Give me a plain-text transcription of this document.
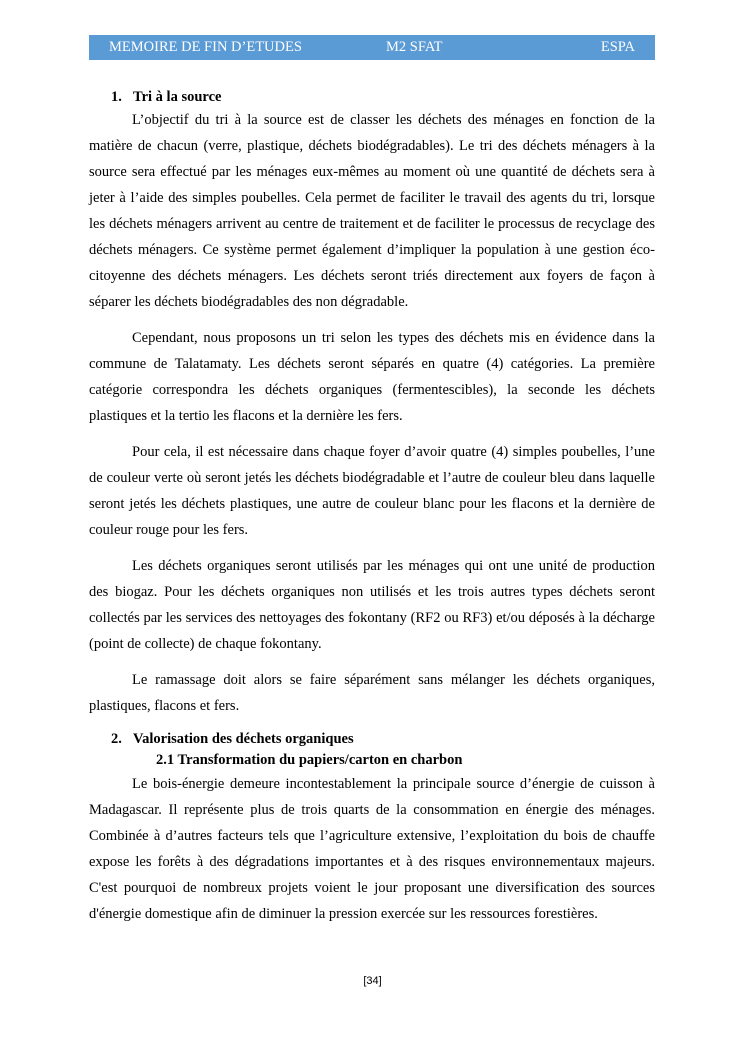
MEMOIRE DE FIN D’ETUDES	M2 SFAT	ESPA
1. Tri à la source

L’objectif du tri à la source est de classer les déchets des ménages en fonction de la matière de chacun (verre, plastique, déchets biodégradables). Le tri des déchets ménagers à la source sera effectué par les ménages eux-mêmes au moment où une quantité de déchets sera à jeter à l’aide des simples poubelles. Cela permet de faciliter le travail des agents du tri, lorsque les déchets ménagers arrivent au centre de traitement et de faciliter le processus de recyclage des déchets ménagers. Ce système permet également d’impliquer la population à une gestion éco-citoyenne des déchets ménagers. Les déchets seront triés directement aux foyers de façon à séparer les déchets biodégradables des non dégradable.

Cependant, nous proposons un tri selon les types des déchets mis en évidence dans la commune de Talatamaty. Les déchets seront séparés en quatre (4) catégories. La première catégorie correspondra les déchets organiques (fermentescibles), la seconde les déchets plastiques et la tertio les flacons et la dernière les fers.

Pour cela, il est nécessaire dans chaque foyer d’avoir quatre (4) simples poubelles, l’une de couleur verte où seront jetés les déchets biodégradable et l’autre de couleur bleu dans laquelle seront jetés les déchets plastiques, une autre de couleur blanc pour les flacons et la dernière de couleur rouge pour les fers.

Les déchets organiques seront utilisés par les ménages qui ont une unité de production des biogaz. Pour les déchets organiques non utilisés et les trois autres types déchets seront collectés par les services des nettoyages des fokontany (RF2 ou RF3) et/ou déposés à la décharge (point de collecte) de chaque fokontany.

Le ramassage doit alors se faire séparément sans mélanger les déchets organiques, plastiques, flacons et fers.

2. Valorisation des déchets organiques
2.1 Transformation du papiers/carton en charbon

Le bois-énergie demeure incontestablement la principale source d’énergie de cuisson à Madagascar. Il représente plus de trois quarts de la consommation en énergie des ménages. Combinée à d’autres facteurs tels que l’agriculture extensive, l’exploitation du bois de chauffe expose les forêts à des dégradations importantes et à des risques environnementaux majeurs. C'est pourquoi de nombreux projets voient le jour proposant une diversification des sources d'énergie domestique afin de diminuer la pression exercée sur les ressources forestières.

[34]
